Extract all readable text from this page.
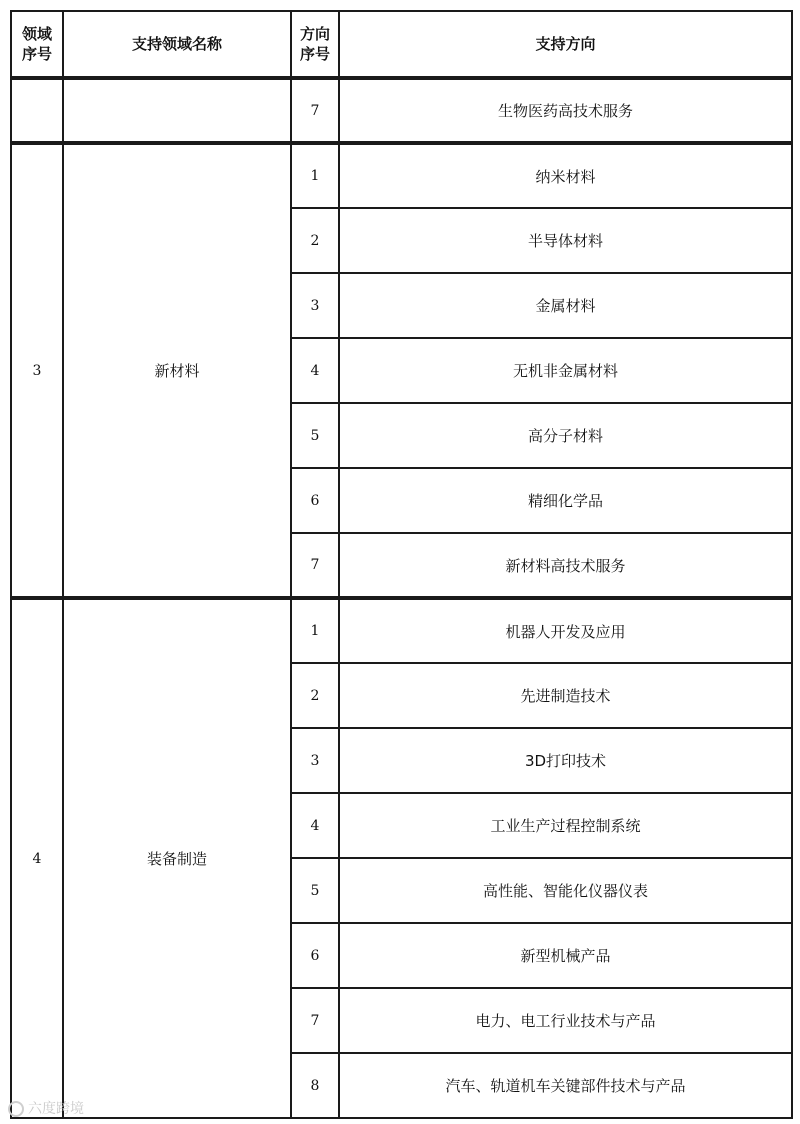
领域序号	支持领域名称	方向序号	支持方向
		7	生物医药高技术服务
3	新材料	1	纳米材料
		2	半导体材料
		3	金属材料
		4	无机非金属材料
		5	高分子材料
		6	精细化学品
		7	新材料高技术服务
4	装备制造	1	机器人开发及应用
		2	先进制造技术
		3	3D打印技术
		4	工业生产过程控制系统
		5	高性能、智能化仪器仪表
		6	新型机械产品
		7	电力、电工行业技术与产品
		8	汽车、轨道机车关键部件技术与产品
六度跨境
